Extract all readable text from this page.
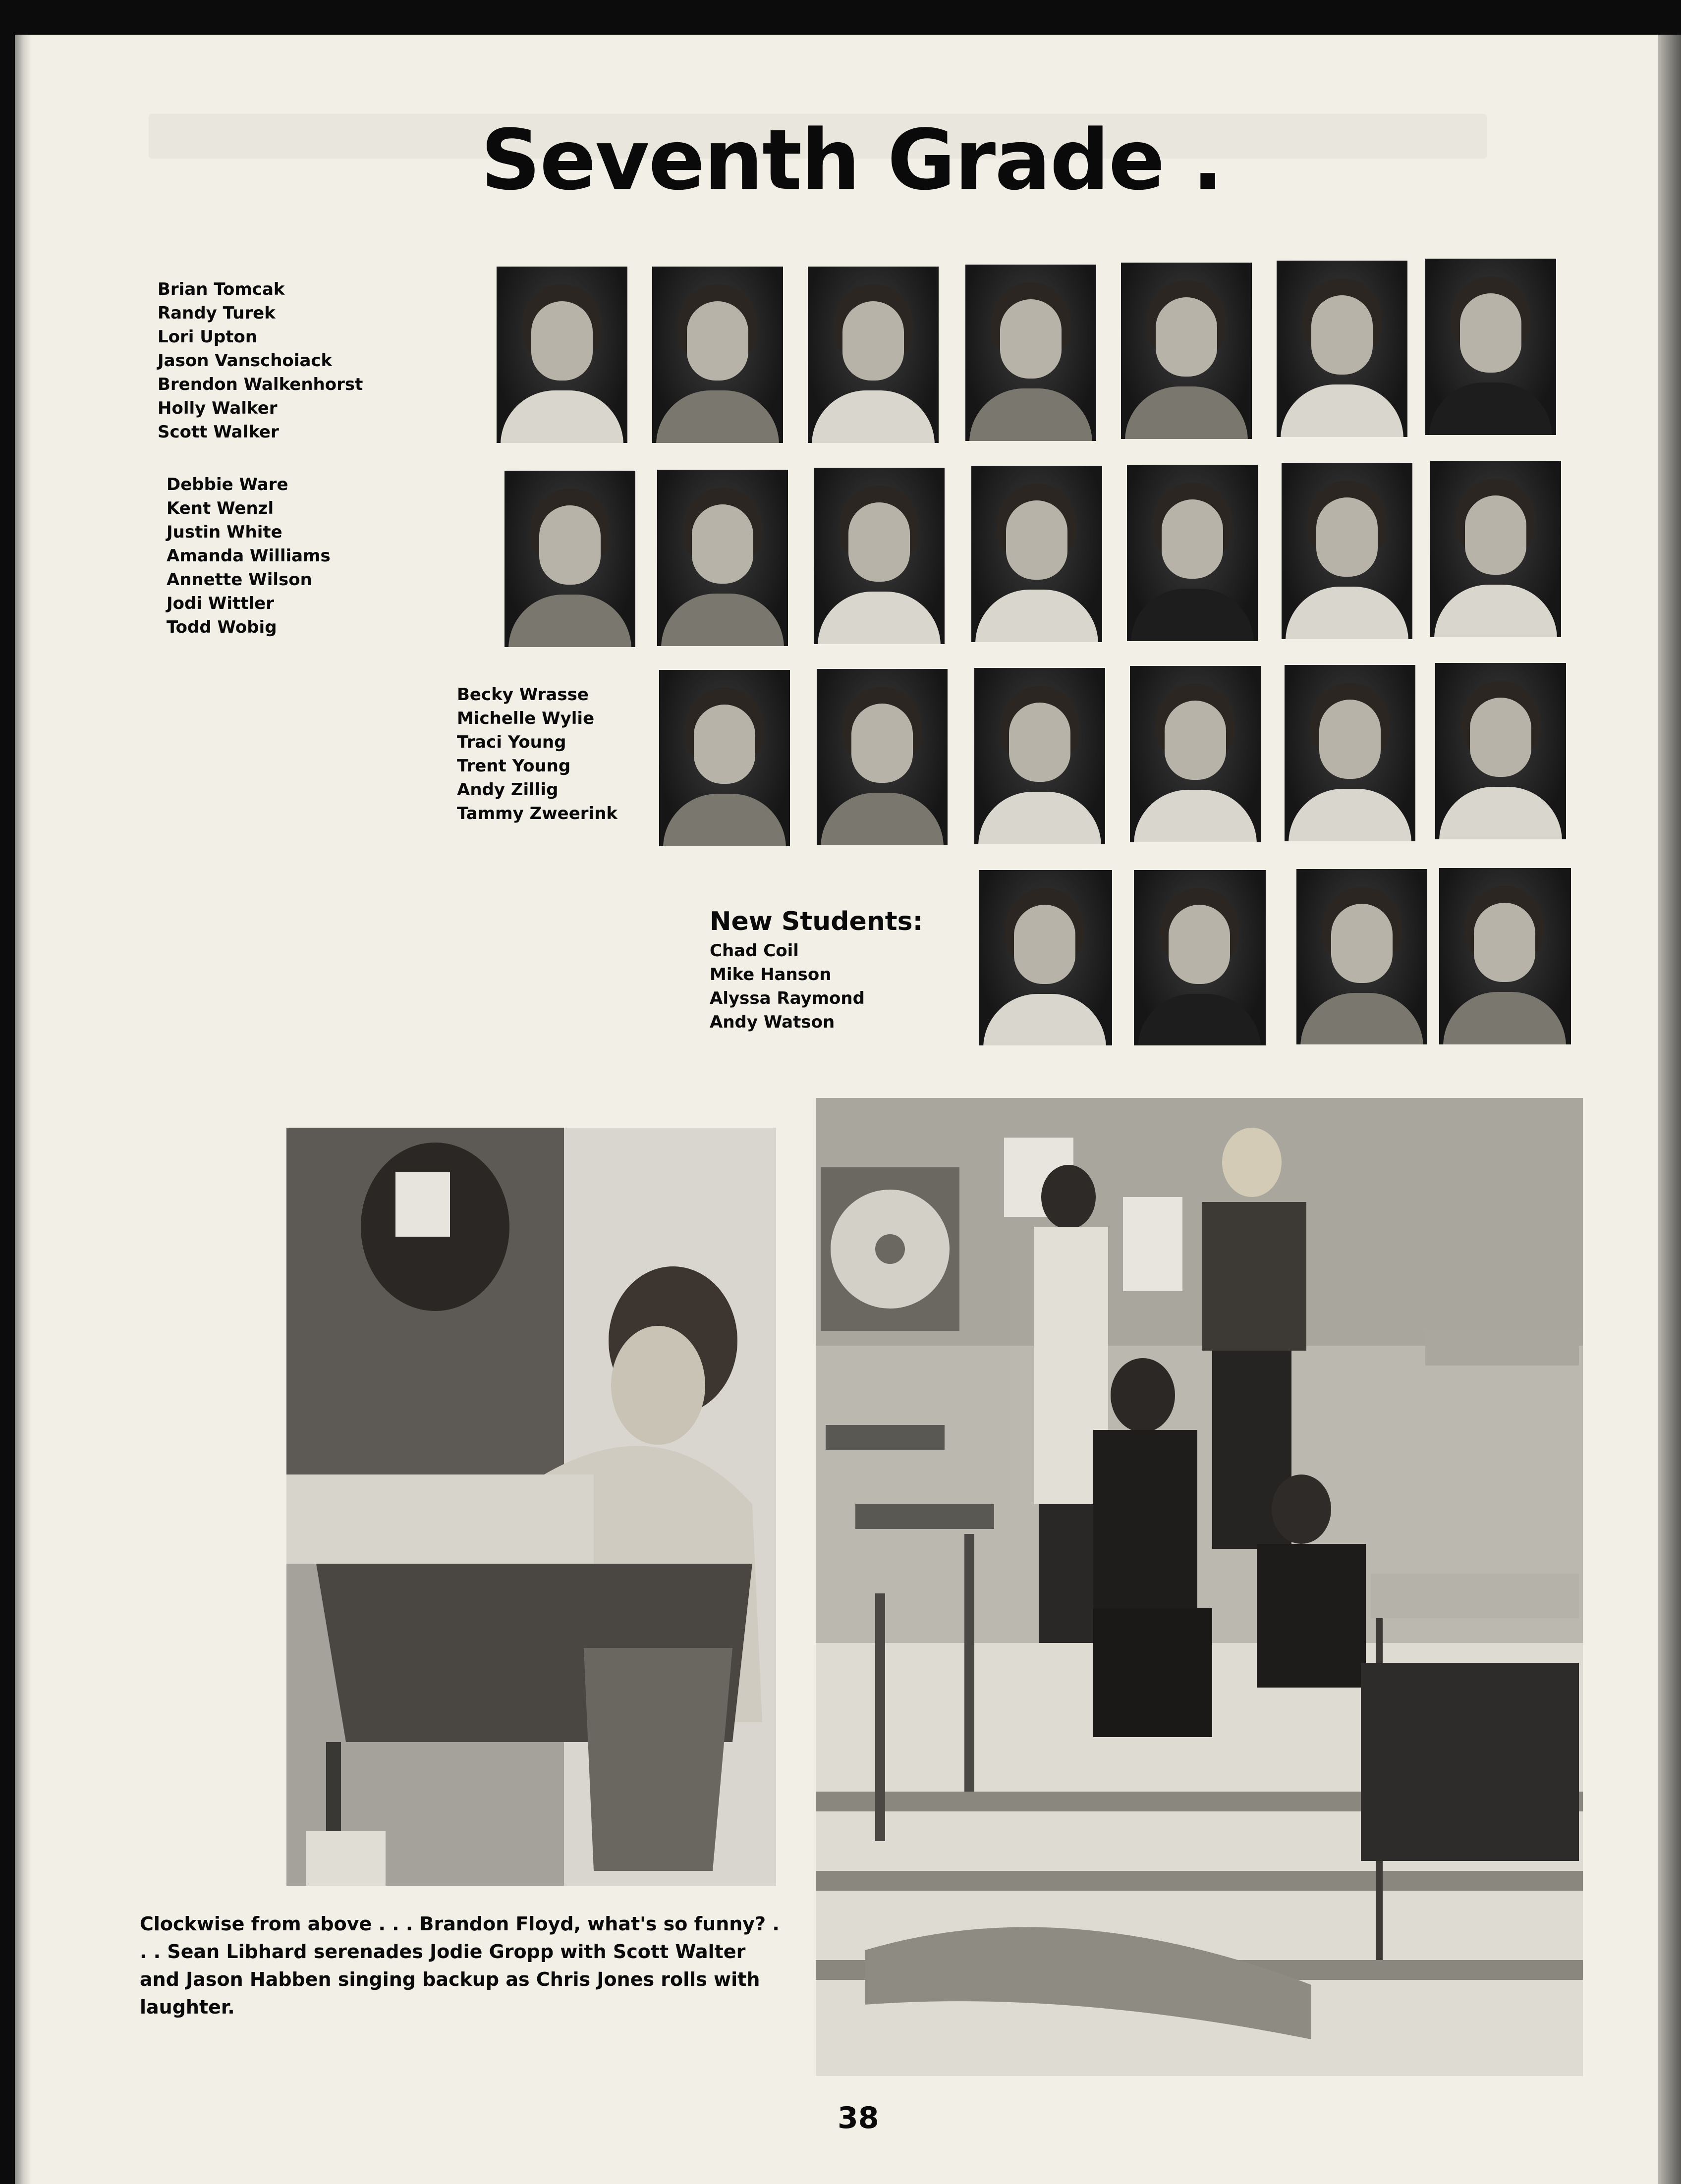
Seventh Grade .
Brian Tomcak
Randy Turek
Lori Upton
Jason Vanschoiack
Brendon Walkenhorst
Holly Walker
Scott Walker
Debbie Ware
Kent Wenzl
Justin White
Amanda Williams
Annette Wilson
Jodi Wittler
Todd Wobig
Becky Wrasse
Michelle Wylie
Traci Young
Trent Young
Andy Zillig
Tammy Zweerink
New Students:
Chad Coil
Mike Hanson
Alyssa Raymond
Andy Watson

Clockwise from above . . . Brandon Floyd, what's so funny? . . . Sean Libhard serenades Jodie Gropp with Scott Walter and Jason Habben singing backup as Chris Jones rolls with laughter.

38
